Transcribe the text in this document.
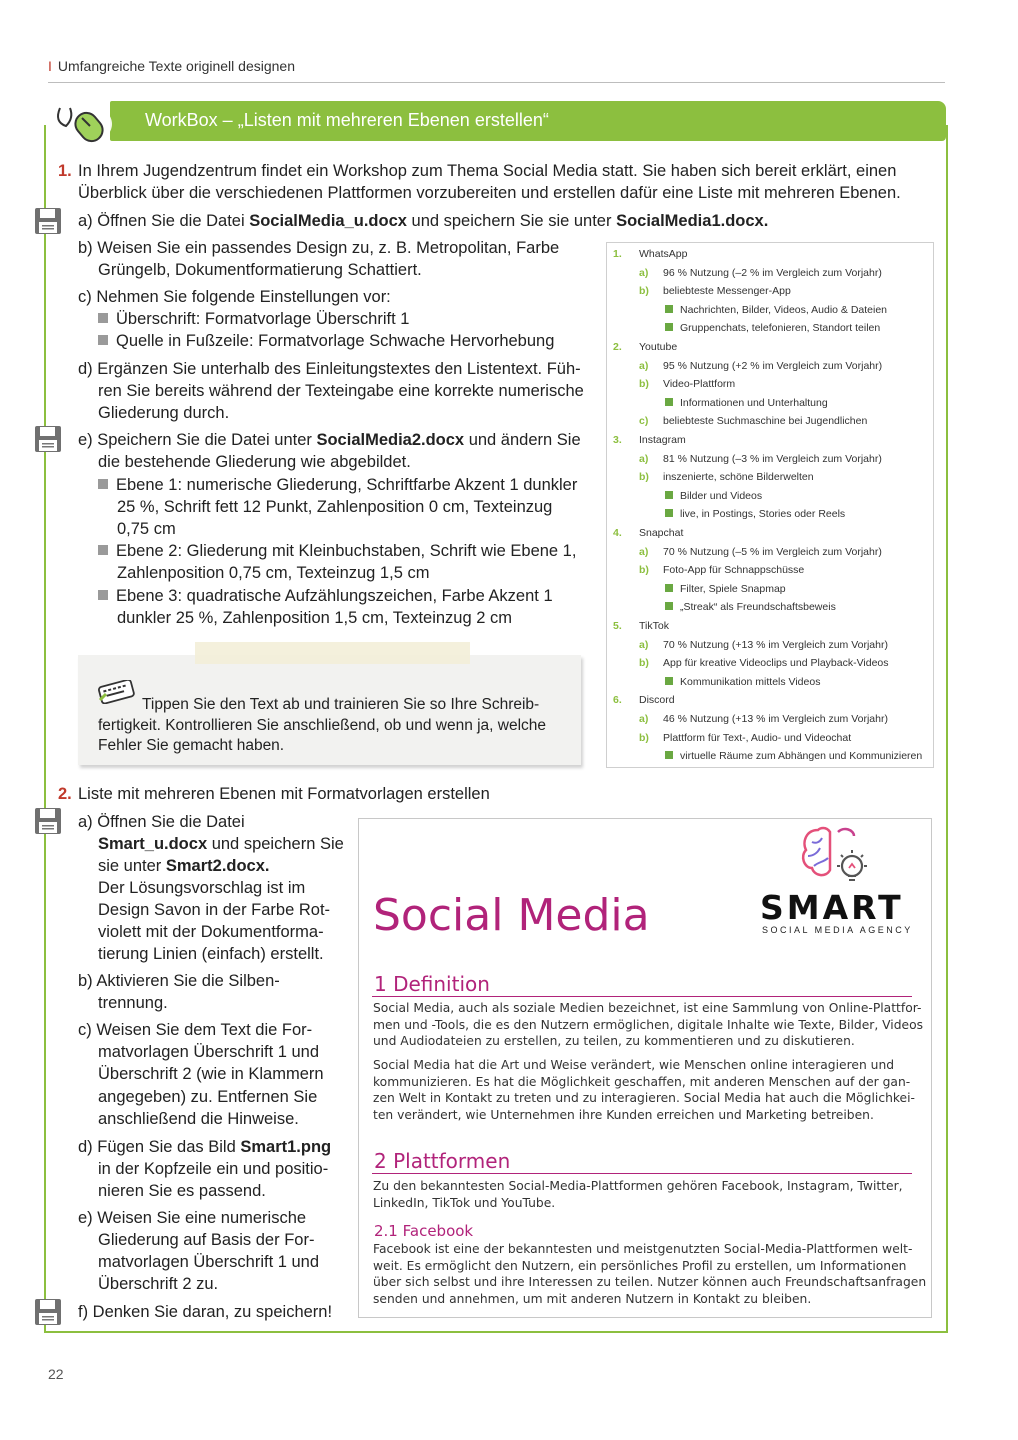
I Umfangreiche Texte originell designen
WorkBox – „Listen mit mehreren Ebenen erstellen“
1. In Ihrem Jugendzentrum findet ein Workshop zum Thema Social Media statt. Sie haben sich bereit erklärt, einen
Überblick über die verschiedenen Plattformen vorzubereiten und erstellen dafür eine Liste mit mehreren Ebenen.
a) Öffnen Sie die Datei SocialMedia_u.docx und speichern Sie sie unter SocialMedia1.docx.
b) Weisen Sie ein passendes Design zu, z. B. Metropolitan, Farbe
Grüngelb, Dokumentformatierung Schattiert.
c) Nehmen Sie folgende Einstellungen vor:
Überschrift: Formatvorlage Überschrift 1
Quelle in Fußzeile: Formatvorlage Schwache Hervorhebung
d) Ergänzen Sie unterhalb des Einleitungstextes den Listentext. Füh-
ren Sie bereits während der Texteingabe eine korrekte numerische
Gliederung durch.
e) Speichern Sie die Datei unter SocialMedia2.docx und ändern Sie
die bestehende Gliederung wie abgebildet.
Ebene 1: numerische Gliederung, Schriftfarbe Akzent 1 dunkler
25 %, Schrift fett 12 Punkt, Zahlenposition 0 cm, Texteinzug
0,75 cm
Ebene 2: Gliederung mit Kleinbuchstaben, Schrift wie Ebene 1,
Zahlenposition 0,75 cm, Texteinzug 1,5 cm
Ebene 3: quadratische Aufzählungszeichen, Farbe Akzent 1
dunkler 25 %, Zahlenposition 1,5 cm, Texteinzug 2 cm
1. WhatsApp
a) 96 % Nutzung (–2 % im Vergleich zum Vorjahr)
b) beliebteste Messenger-App
Nachrichten, Bilder, Videos, Audio & Dateien
Gruppenchats, telefonieren, Standort teilen
2. Youtube
a) 95 % Nutzung (+2 % im Vergleich zum Vorjahr)
b) Video-Plattform
Informationen und Unterhaltung
c) beliebteste Suchmaschine bei Jugendlichen
3. Instagram
a) 81 % Nutzung (–3 % im Vergleich zum Vorjahr)
b) inszenierte, schöne Bilderwelten
Bilder und Videos
live, in Postings, Stories oder Reels
4. Snapchat
a) 70 % Nutzung (–5 % im Vergleich zum Vorjahr)
b) Foto-App für Schnappschüsse
Filter, Spiele Snapmap
„Streak“ als Freundschaftsbeweis
5. TikTok
a) 70 % Nutzung (+13 % im Vergleich zum Vorjahr)
b) App für kreative Videoclips und Playback-Videos
Kommunikation mittels Videos
6. Discord
a) 46 % Nutzung (+13 % im Vergleich zum Vorjahr)
b) Plattform für Text-, Audio- und Videochat
virtuelle Räume zum Abhängen und Kommunizieren
Tippen Sie den Text ab und trainieren Sie so Ihre Schreib-
fertigkeit. Kontrollieren Sie anschließend, ob und wenn ja, welche
Fehler Sie gemacht haben.
2. Liste mit mehreren Ebenen mit Formatvorlagen erstellen
a) Öffnen Sie die Datei
Smart_u.docx und speichern Sie
sie unter Smart2.docx.
Der Lösungsvorschlag ist im
Design Savon in der Farbe Rot-
violett mit der Dokumentforma-
tierung Linien (einfach) erstellt.
b) Aktivieren Sie die Silben-
trennung.
c) Weisen Sie dem Text die For-
matvorlagen Überschrift 1 und
Überschrift 2 (wie in Klammern
angegeben) zu. Entfernen Sie
anschließend die Hinweise.
d) Fügen Sie das Bild Smart1.png
in der Kopfzeile ein und positio-
nieren Sie es passend.
e) Weisen Sie eine numerische
Gliederung auf Basis der For-
matvorlagen Überschrift 1 und
Überschrift 2 zu.
f) Denken Sie daran, zu speichern!
SMART
SOCIAL MEDIA AGENCY
Social Media
1 Definition
Social Media, auch als soziale Medien bezeichnet, ist eine Sammlung von Online-Plattfor-
men und -Tools, die es den Nutzern ermöglichen, digitale Inhalte wie Texte, Bilder, Videos
und Audiodateien zu erstellen, zu teilen, zu kommentieren und zu diskutieren.
Social Media hat die Art und Weise verändert, wie Menschen online interagieren und
kommunizieren. Es hat die Möglichkeit geschaffen, mit anderen Menschen auf der gan-
zen Welt in Kontakt zu treten und zu interagieren. Social Media hat auch die Möglichkei-
ten verändert, wie Unternehmen ihre Kunden erreichen und Marketing betreiben.
2 Plattformen
Zu den bekanntesten Social-Media-Plattformen gehören Facebook, Instagram, Twitter,
LinkedIn, TikTok und YouTube.
2.1 Facebook
Facebook ist eine der bekanntesten und meistgenutzten Social-Media-Plattformen welt-
weit. Es ermöglicht den Nutzern, ein persönliches Profil zu erstellen, um Informationen
über sich selbst und ihre Interessen zu teilen. Nutzer können auch Freundschaftsanfragen
senden und annehmen, um mit anderen Nutzern in Kontakt zu bleiben.
22
